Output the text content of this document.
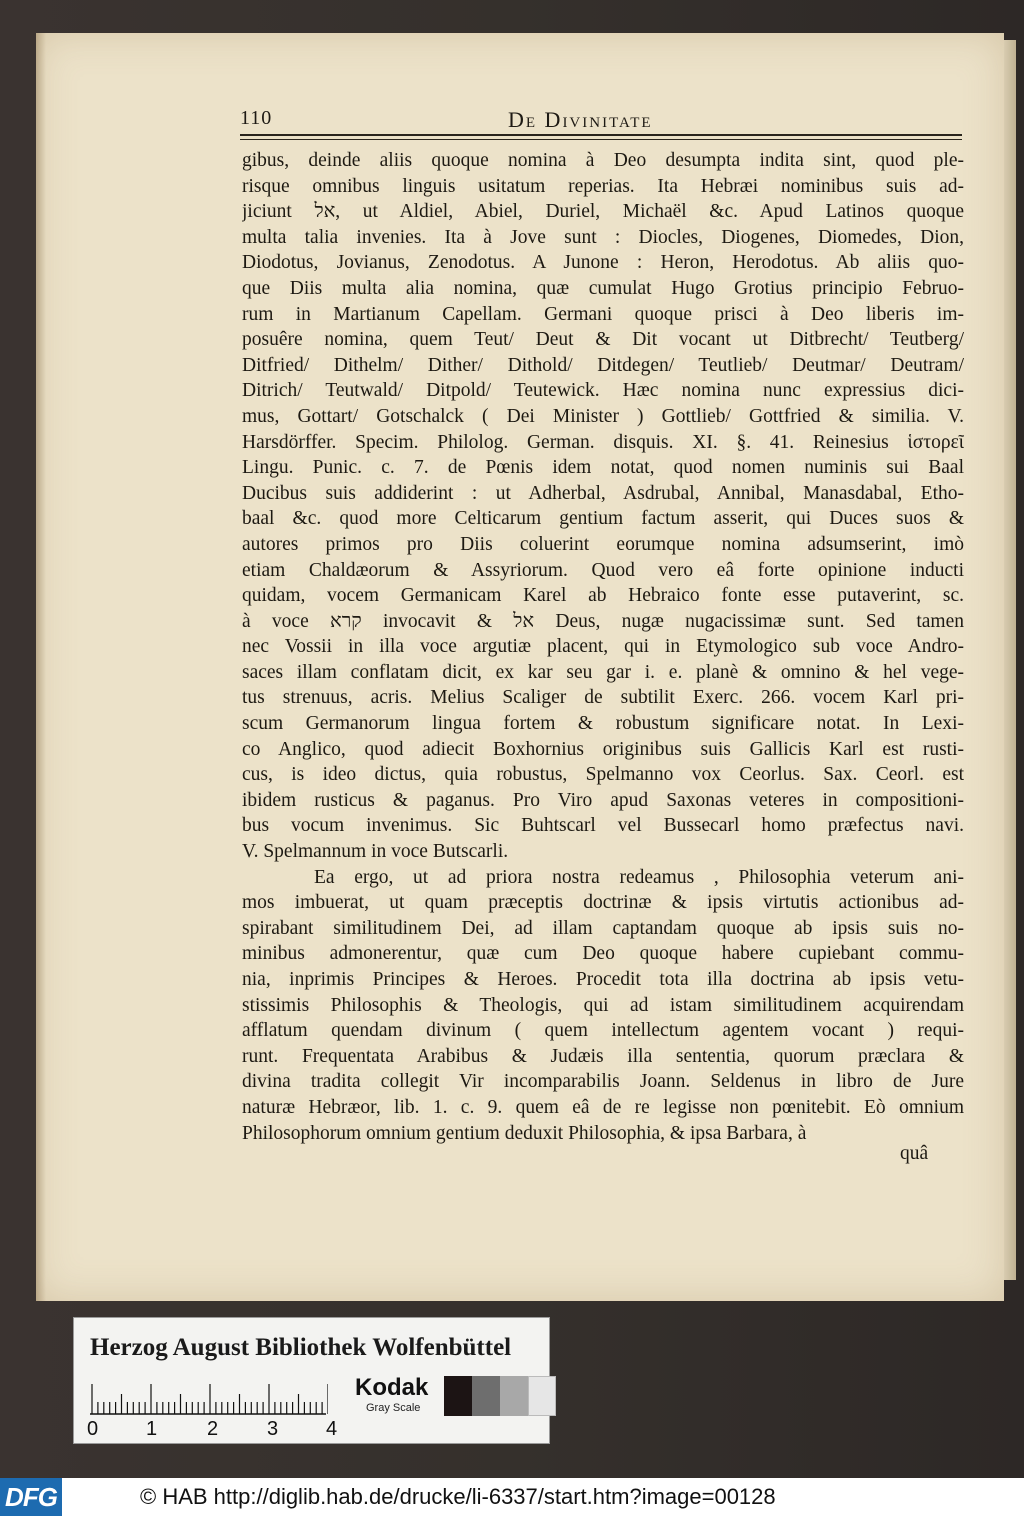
110	De Divinitate
gibus, deinde aliis quoque nomina à Deo desumpta indita sint, quod ple-
risque omnibus linguis usitatum reperias. Ita Hebræi nominibus suis ad-
jiciunt אל, ut Aldiel, Abiel, Duriel, Michaël &c. Apud Latinos quoque
multa talia invenies. Ita à Jove sunt : Diocles, Diogenes, Diomedes, Dion,
Diodotus, Jovianus, Zenodotus. A Junone : Heron, Herodotus. Ab aliis quo-
que Diis multa alia nomina, quæ cumulat Hugo Grotius principio Februo-
rum in Martianum Capellam. Germani quoque prisci à Deo liberis im-
posuêre nomina, quem Teut/ Deut & Dit vocant ut Ditbrecht/ Teutberg/
Ditfried/ Dithelm/ Dither/ Dithold/ Ditdegen/ Teutlieb/ Deutmar/ Deutram/
Ditrich/ Teutwald/ Ditpold/ Teutewick. Hæc nomina nunc expressius dici-
mus, Gottart/ Gotschalck ( Dei Minister ) Gottlieb/ Gottfried & similia. V.
Harsdörffer. Specim. Philolog. German. disquis. XI. §. 41. Reinesius ἱστορεῖ
Lingu. Punic. c. 7. de Pœnis idem notat, quod nomen numinis sui Baal
Ducibus suis addiderint : ut Adherbal, Asdrubal, Annibal, Manasdabal, Etho-
baal &c. quod more Celticarum gentium factum asserit, qui Duces suos &
autores primos pro Diis coluerint eorumque nomina adsumserint, imò
etiam Chaldæorum & Assyriorum. Quod vero eâ forte opinione inducti
quidam, vocem Germanicam Karel ab Hebraico fonte esse putaverint, sc.
à voce קרא invocavit & אל Deus, nugæ nugacissimæ sunt. Sed tamen
nec Vossii in illa voce argutiæ placent, qui in Etymologico sub voce Andro-
saces illam conflatam dicit, ex kar seu gar i. e. planè & omnino & hel vege-
tus strenuus, acris. Melius Scaliger de subtilit Exerc. 266. vocem Karl pri-
scum Germanorum lingua fortem & robustum significare notat. In Lexi-
co Anglico, quod adiecit Boxhornius originibus suis Gallicis Karl est rusti-
cus, is ideo dictus, quia robustus, Spelmanno vox Ceorlus. Sax. Ceorl. est
ibidem rusticus & paganus. Pro Viro apud Saxonas veteres in compositioni-
bus vocum invenimus. Sic Buhtscarl vel Bussecarl homo præfectus navi.
V. Spelmannum in voce Butscarli.
Ea ergo, ut ad priora nostra redeamus , Philosophia veterum ani-
mos imbuerat, ut quam præceptis doctrinæ & ipsis virtutis actionibus ad-
spirabant similitudinem Dei, ad illam captandam quoque ab ipsis suis no-
minibus admonerentur, quæ cum Deo quoque habere cupiebant commu-
nia, inprimis Principes & Heroes. Procedit tota illa doctrina ab ipsis vetu-
stissimis Philosophis & Theologis, qui ad istam similitudinem acquirendam
afflatum quendam divinum ( quem intellectum agentem vocant ) requi-
runt. Frequentata Arabibus & Judæis illa sententia, quorum præclara &
divina tradita collegit Vir incomparabilis Joann. Seldenus in libro de Jure
naturæ Hebræor, lib. 1. c. 9. quem eâ de re legisse non pœnitebit. Eò omnium
Philosophorum omnium gentium deduxit Philosophia, & ipsa Barbara, à
quâ
Herzog August Bibliothek Wolfenbüttel
0 1 2 3 4
Kodak
Gray Scale
DFG	© HAB http://diglib.hab.de/drucke/li-6337/start.htm?image=00128
